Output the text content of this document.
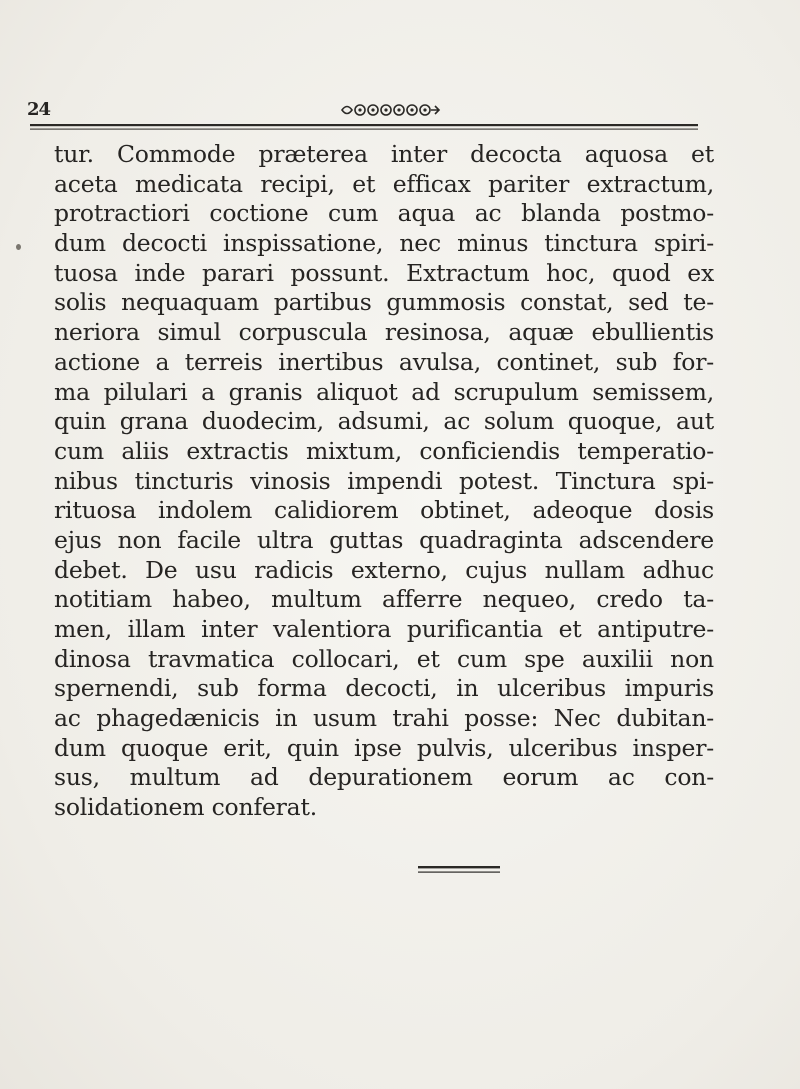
24
tur. Commode præterea inter decocta aquosa et
aceta medicata recipi, et efficax pariter extractum,
protractiori coctione cum aqua ac blanda postmo-
dum decocti inspissatione, nec minus tinctura spiri-
tuosa inde parari possunt. Extractum hoc, quod ex
solis nequaquam partibus gummosis constat, sed te-
neriora simul corpuscula resinosa, aquæ ebullientis
actione a terreis inertibus avulsa, continet, sub for-
ma pilulari a granis aliquot ad scrupulum semissem,
quin grana duodecim, adsumi, ac solum quoque, aut
cum aliis extractis mixtum, conficiendis temperatio-
nibus tincturis vinosis impendi potest. Tinctura spi-
rituosa indolem calidiorem obtinet, adeoque dosis
ejus non facile ultra guttas quadraginta adscendere
debet. De usu radicis externo, cujus nullam adhuc
notitiam habeo, multum afferre nequeo, credo ta-
men, illam inter valentiora purificantia et antiputre-
dinosa travmatica collocari, et cum spe auxilii non
spernendi, sub forma decocti, in ulceribus impuris
ac phagedænicis in usum trahi posse: Nec dubitan-
dum quoque erit, quin ipse pulvis, ulceribus insper-
sus, multum ad depurationem eorum ac con-
solidationem conferat.
